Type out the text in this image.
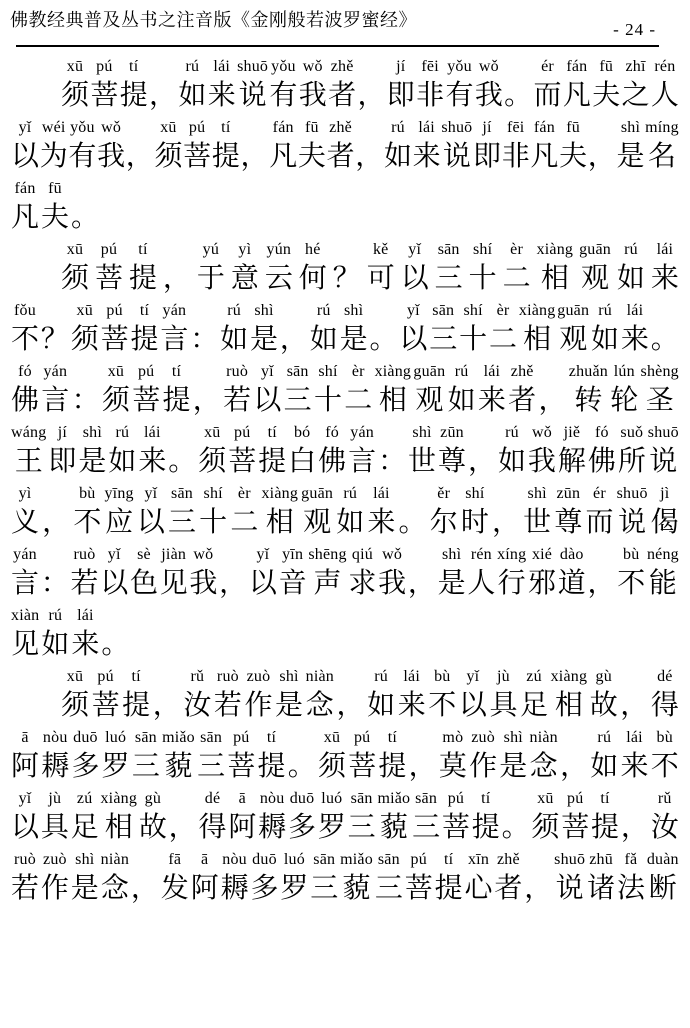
佛教经典普及丛书之注音版《金刚般若波罗蜜经》	- 24 -
xū
须
pú
菩
tí
提 ，
rú
如
lái
来
shuō
说
yǒu
有
wǒ
我
zhě
者 ，
jí
即
fēi
非
yǒu
有
wǒ
我 。
ér
而
fán
凡
fū
夫
zhī
之
rén
人
yǐ
以
wéi
为
yǒu
有
wǒ
我 ，
xū
须
pú
菩
tí
提 ，
fán
凡
fū
夫
zhě
者 ，
rú
如
lái
来
shuō
说
jí
即
fēi
非
fán
凡
fū
夫 ，
shì
是
míng
名
fán
凡
fū
夫 。
xū
须
pú
菩
tí
提 ，
yú
于
yì
意
yún
云
hé
何 ？
kě
可
yǐ
以
sān
三
shí
十
èr
二
xiàng
相
guān
观
rú
如
lái
来
fǒu
不 ？
xū
须
pú
菩
tí
提
yán
言 ：
rú
如
shì
是 ，
rú
如
shì
是 。
yǐ
以
sān
三
shí
十
èr
二
xiàng
相
guān
观
rú
如
lái
来 。
fó
佛
yán
言 ：
xū
须
pú
菩
tí
提 ，
ruò
若
yǐ
以
sān
三
shí
十
èr
二
xiàng
相
guān
观
rú
如
lái
来
zhě
者 ，
zhuǎn
转
lún
轮
shèng
圣
wáng
王
jí
即
shì
是
rú
如
lái
来 。
xū
须
pú
菩
tí
提
bó
白
fó
佛
yán
言 ：
shì
世
zūn
尊 ，
rú
如
wǒ
我
jiě
解
fó
佛
suǒ
所
shuō
说
yì
义 ，
bù
不
yīng
应
yǐ
以
sān
三
shí
十
èr
二
xiàng
相
guān
观
rú
如
lái
来 。
ěr
尔
shí
时 ，
shì
世
zūn
尊
ér
而
shuō
说
jì
偈
yán
言 ：
ruò
若
yǐ
以
sè
色
jiàn
见
wǒ
我 ，
yǐ
以
yīn
音
shēng
声
qiú
求
wǒ
我 ，
shì
是
rén
人
xíng
行
xié
邪
dào
道 ，
bù
不
néng
能
xiàn
见
rú
如
lái
来 。
xū
须
pú
菩
tí
提 ，
rǔ
汝
ruò
若
zuò
作
shì
是
niàn
念 ，
rú
如
lái
来
bù
不
yǐ
以
jù
具
zú
足
xiàng
相
gù
故 ，
dé
得
ā
阿
nòu
耨
duō
多
luó
罗
sān
三
miǎo
藐
sān
三
pú
菩
tí
提 。
xū
须
pú
菩
tí
提 ，
mò
莫
zuò
作
shì
是
niàn
念 ，
rú
如
lái
来
bù
不
yǐ
以
jù
具
zú
足
xiàng
相
gù
故 ，
dé
得
ā
阿
nòu
耨
duō
多
luó
罗
sān
三
miǎo
藐
sān
三
pú
菩
tí
提 。
xū
须
pú
菩
tí
提 ，
rǔ
汝
ruò
若
zuò
作
shì
是
niàn
念 ，
fā
发
ā
阿
nòu
耨
duō
多
luó
罗
sān
三
miǎo
藐
sān
三
pú
菩
tí
提
xīn
心
zhě
者 ，
shuō
说
zhū
诸
fǎ
法
duàn
断
